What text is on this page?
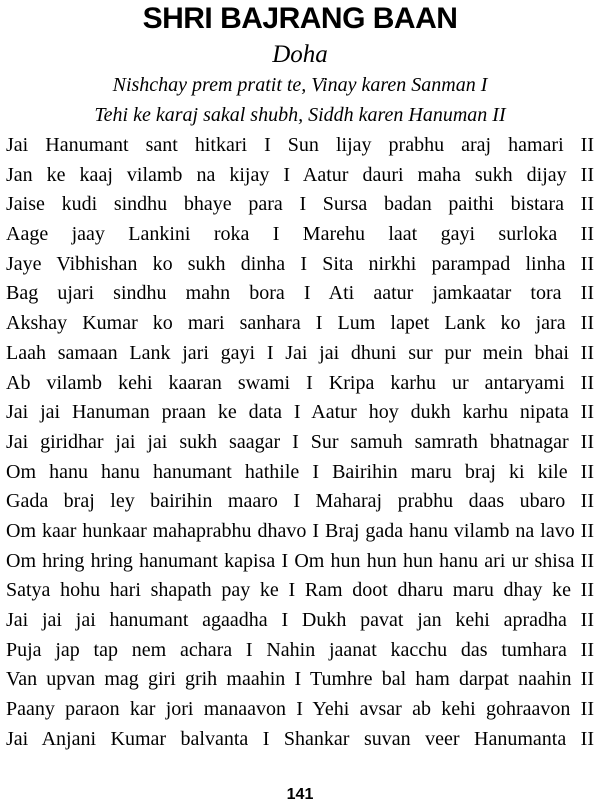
SHRI BAJRANG BAAN
Doha
Nishchay prem pratit te, Vinay karen Sanman I
Tehi ke karaj sakal shubh, Siddh karen Hanuman II
Jai Hanumant sant hitkari I Sun lijay prabhu araj hamari II
Jan ke kaaj vilamb na kijay I Aatur dauri maha sukh dijay II
Jaise kudi sindhu bhaye para I Sursa badan paithi bistara II
Aage jaay Lankini roka I Marehu laat gayi surloka II
Jaye Vibhishan ko sukh dinha I Sita nirkhi parampad linha II
Bag ujari sindhu mahn bora I Ati aatur jamkaatar tora II
Akshay Kumar ko mari sanhara I Lum lapet Lank ko jara II
Laah samaan Lank jari gayi I Jai jai dhuni sur pur mein bhai II
Ab vilamb kehi kaaran swami I Kripa karhu ur antaryami II
Jai jai Hanuman praan ke data I Aatur hoy dukh karhu nipata II
Jai giridhar jai jai sukh saagar I Sur samuh samrath bhatnagar II
Om hanu hanu hanumant hathile I Bairihin maru braj ki kile II
Gada braj ley bairihin maaro I Maharaj prabhu daas ubaro II
Om kaar hunkaar mahaprabhu dhavo I Braj gada hanu vilamb na lavo II
Om hring hring hanumant kapisa I Om hun hun hun hanu ari ur shisa II
Satya hohu hari shapath pay ke I Ram doot dharu maru dhay ke II
Jai jai jai hanumant agaadha I Dukh pavat jan kehi apradha II
Puja jap tap nem achara I Nahin jaanat kacchu das tumhara II
Van upvan mag giri grih maahin I Tumhre bal ham darpat naahin II
Paany paraon kar jori manaavon I Yehi avsar ab kehi gohraavon II
Jai Anjani Kumar balvanta I Shankar suvan veer Hanumanta II
141
